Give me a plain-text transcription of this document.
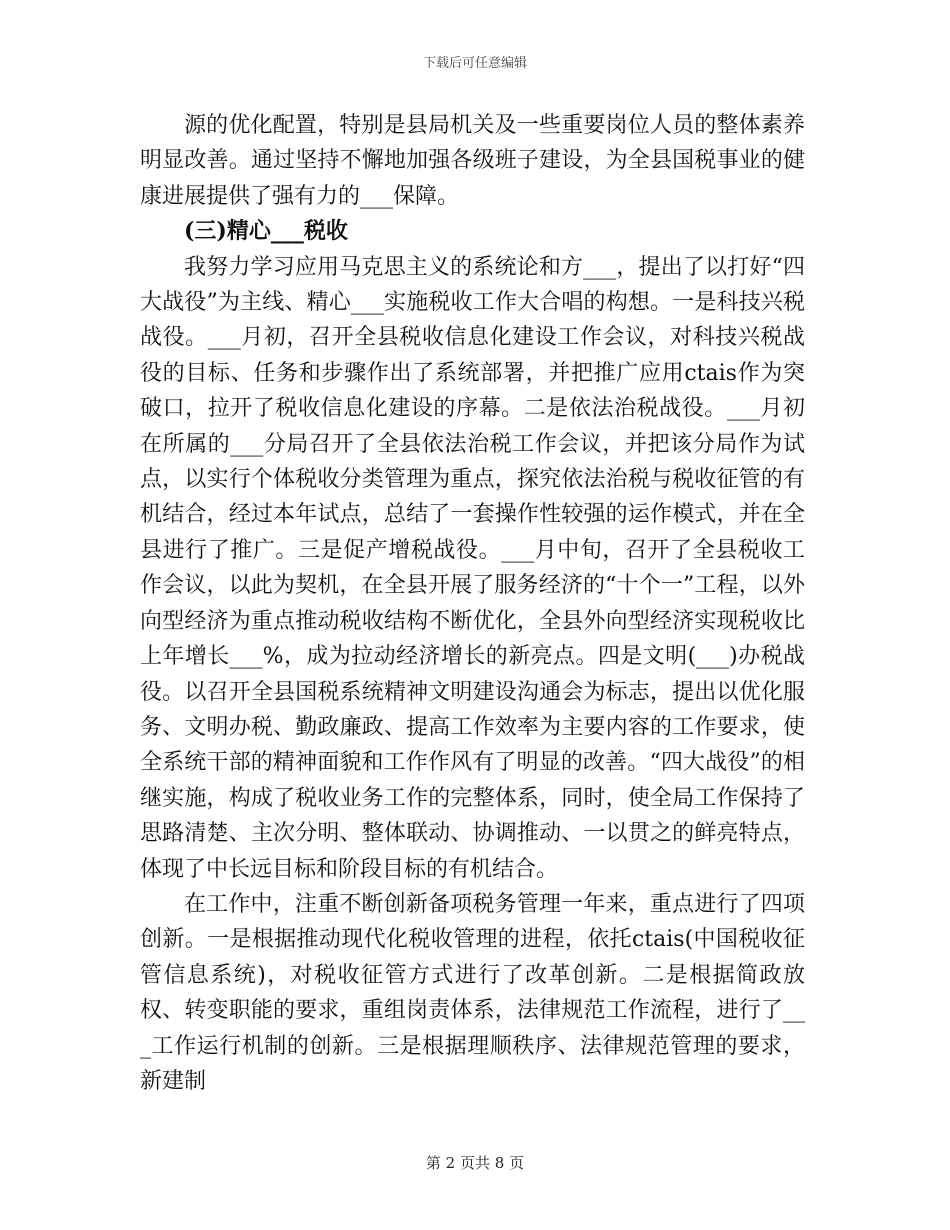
下载后可任意编辑

源的优化配置，特别是县局机关及一些重要岗位人员的整体素养明显改善。通过坚持不懈地加强各级班子建设，为全县国税事业的健康进展提供了强有力的___保障。

(三)精心___税收

我努力学习应用马克思主义的系统论和方___，提出了以打好“四大战役”为主线、精心___实施税收工作大合唱的构想。一是科技兴税战役。___月初，召开全县税收信息化建设工作会议，对科技兴税战役的目标、任务和步骤作出了系统部署，并把推广应用ctais作为突破口，拉开了税收信息化建设的序幕。二是依法治税战役。___月初在所属的___分局召开了全县依法治税工作会议，并把该分局作为试点，以实行个体税收分类管理为重点，探究依法治税与税收征管的有机结合，经过本年试点，总结了一套操作性较强的运作模式，并在全县进行了推广。三是促产增税战役。___月中旬，召开了全县税收工作会议，以此为契机，在全县开展了服务经济的“十个一”工程，以外向型经济为重点推动税收结构不断优化，全县外向型经济实现税收比上年增长___%，成为拉动经济增长的新亮点。四是文明(___)办税战役。以召开全县国税系统精神文明建设沟通会为标志，提出以优化服务、文明办税、勤政廉政、提高工作效率为主要内容的工作要求，使全系统干部的精神面貌和工作作风有了明显的改善。“四大战役”的相继实施，构成了税收业务工作的完整体系，同时，使全局工作保持了思路清楚、主次分明、整体联动、协调推动、一以贯之的鲜亮特点，体现了中长远目标和阶段目标的有机结合。

在工作中，注重不断创新备项税务管理一年来，重点进行了四项创新。一是根据推动现代化税收管理的进程，依托ctais(中国税收征管信息系统)，对税收征管方式进行了改革创新。二是根据简政放权、转变职能的要求，重组岗责体系，法律规范工作流程，进行了___工作运行机制的创新。三是根据理顺秩序、法律规范管理的要求，新建制

第 2 页共 8 页
